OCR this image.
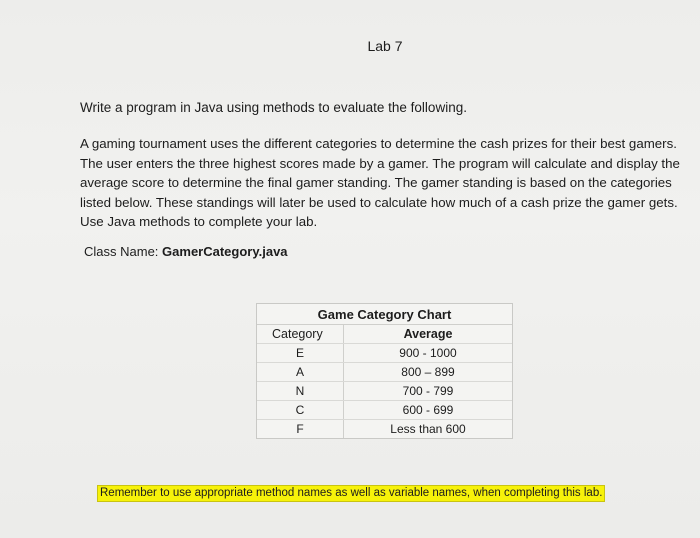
Lab 7
Write a program in Java using methods to evaluate the following.
A gaming tournament uses the different categories to determine the cash prizes for their best gamers.
The user enters the three highest scores made by a gamer. The program will calculate and display the
average score to determine the final gamer standing. The gamer standing is based on the categories
listed below. These standings will later be used to calculate how much of a cash prize the gamer gets.
Use Java methods to complete your lab.
Class Name: GamerCategory.java
Game Category Chart
Category	Average
E	900 - 1000
A	800 – 899
N	700 - 799
C	600 - 699
F	Less than 600
Remember to use appropriate method names as well as variable names, when completing this lab.
